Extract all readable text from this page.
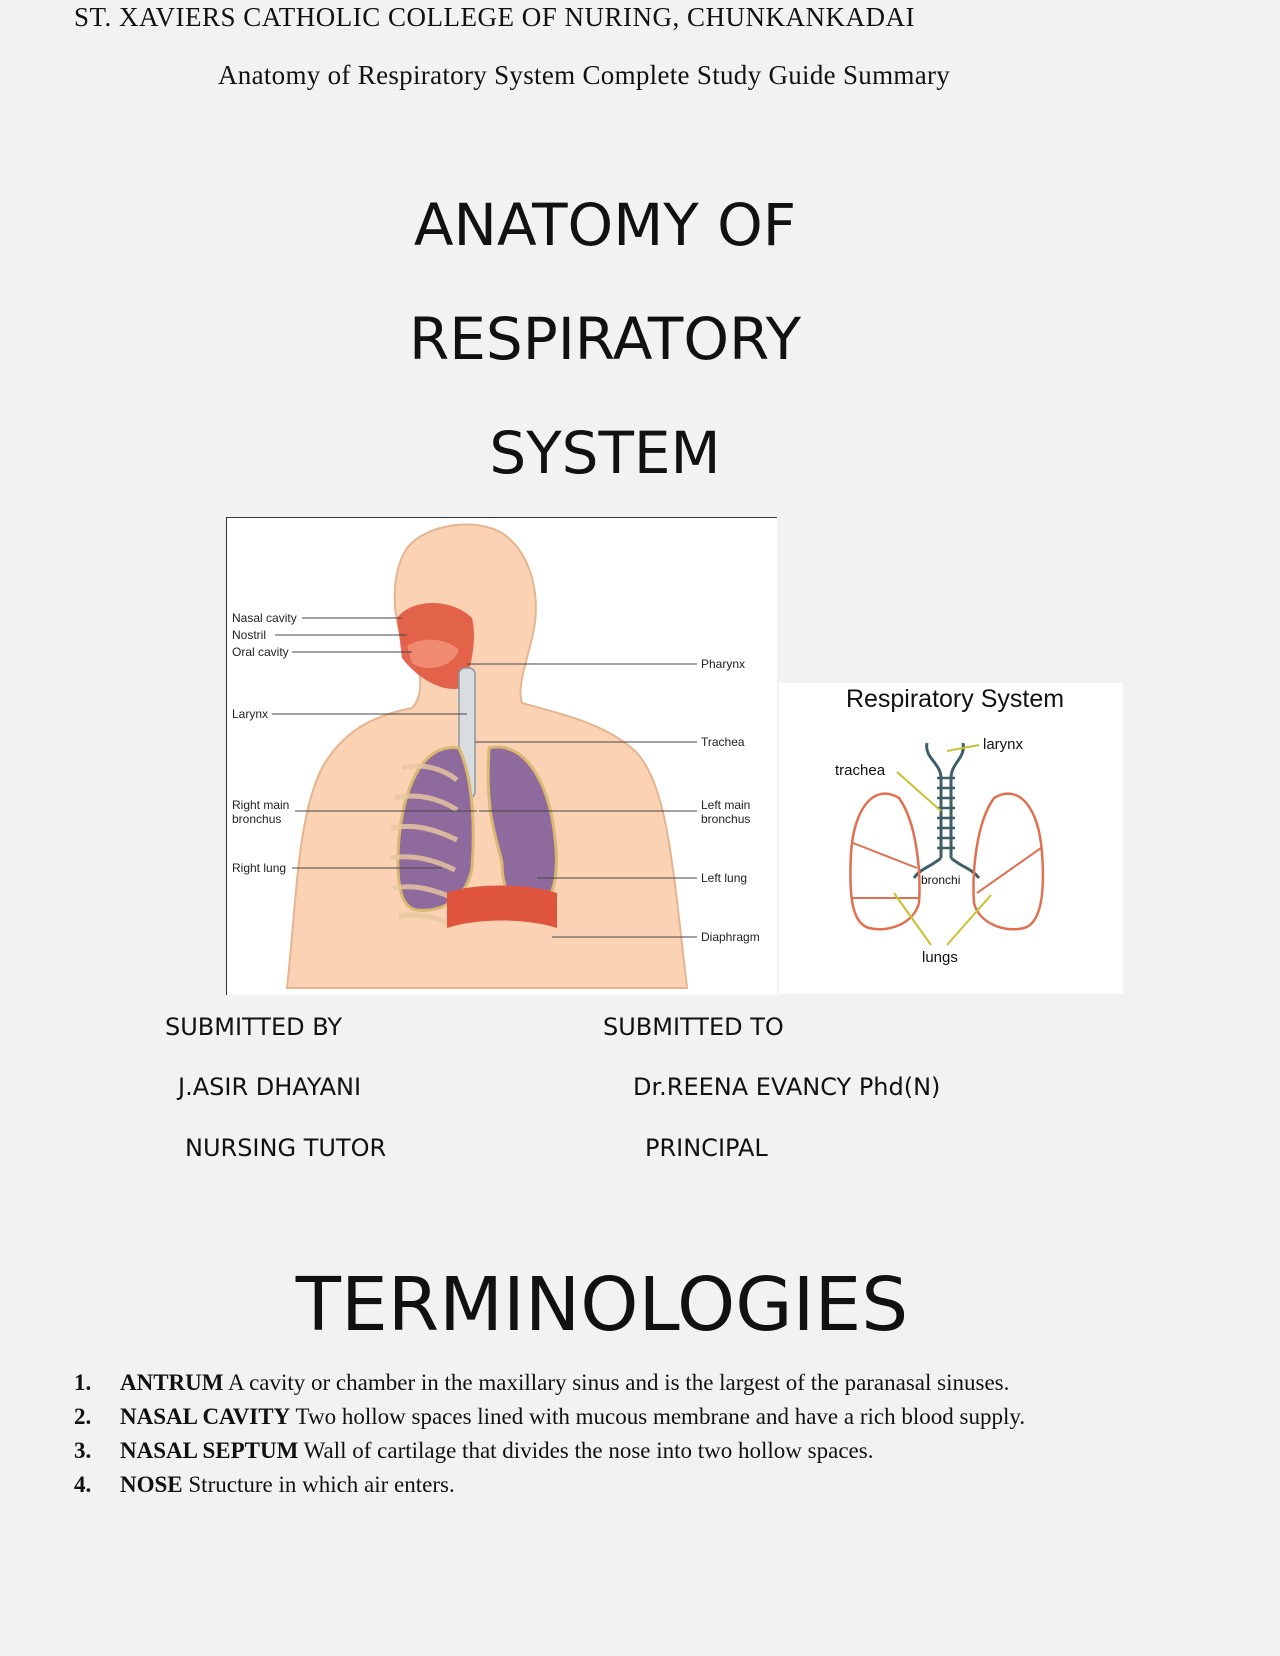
ST. XAVIERS CATHOLIC COLLEGE OF NURING, CHUNKANKADAI
Anatomy of Respiratory System Complete Study Guide Summary
ANATOMY OF
RESPIRATORY
SYSTEM
Nasal cavity
Nostril
Oral cavity
Larynx
Right main
bronchus
Right lung
Pharynx
Trachea
Left main
bronchus
Left lung
Diaphragm
Respiratory System
larynx
trachea
bronchi
lungs
SUBMITTED BY
J.ASIR DHAYANI
NURSING TUTOR
SUBMITTED TO
Dr.REENA EVANCY Phd(N)
PRINCIPAL
TERMINOLOGIES
1. ANTRUM A cavity or chamber in the maxillary sinus and is the largest of the paranasal sinuses.
2. NASAL CAVITY Two hollow spaces lined with mucous membrane and have a rich blood supply.
3. NASAL SEPTUM Wall of cartilage that divides the nose into two hollow spaces.
4. NOSE Structure in which air enters.
